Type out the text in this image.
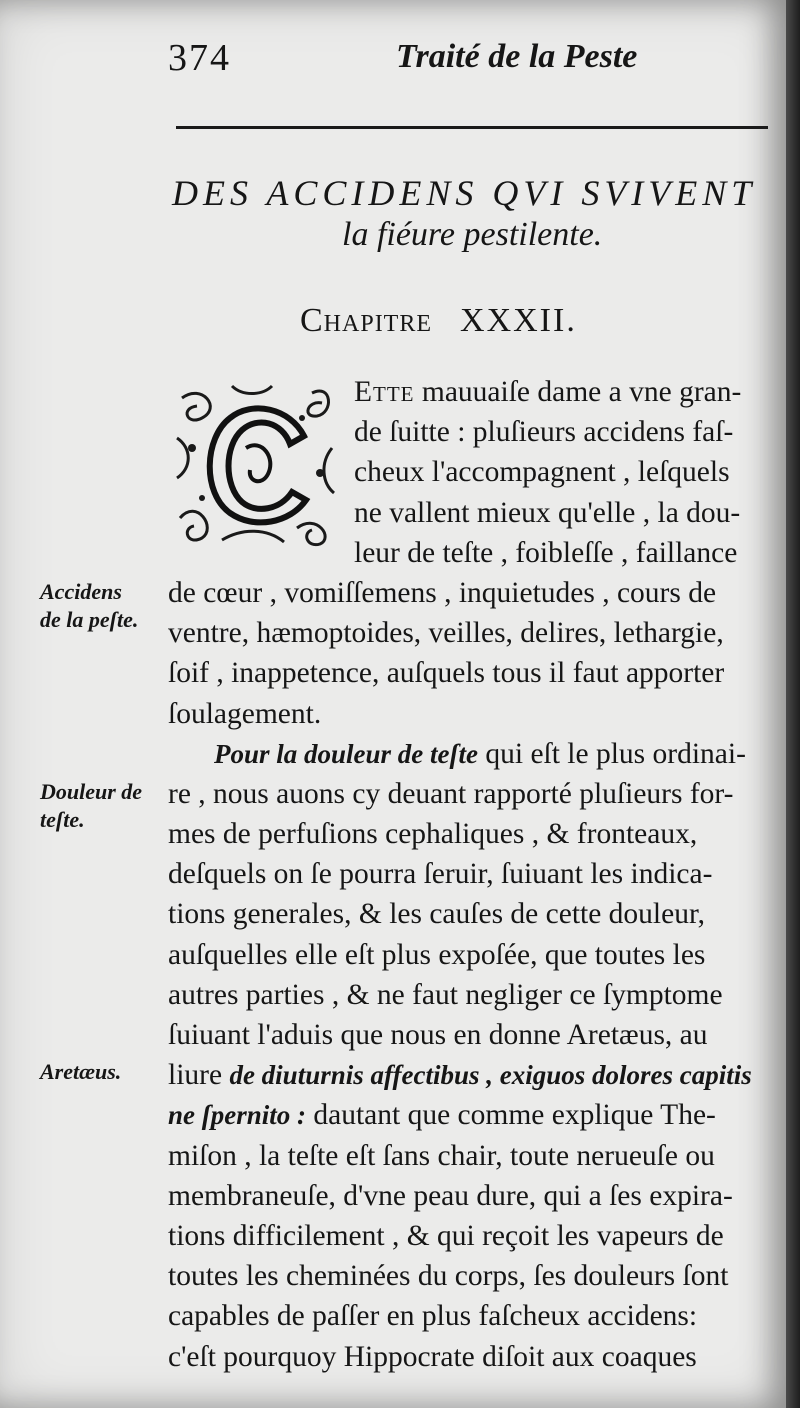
374	Traité de la Peste
DES ACCIDENS QVI SVIVENT
la fiéure pestilente.
Chapitre XXXII.
Ette mauuaiſe dame a vne gran-
de ſuitte : pluſieurs accidens faſ-
cheux l'accompagnent , leſquels
ne vallent mieux qu'elle , la dou-
leur de teſte , foibleſſe , faillance
de cœur , vomiſſemens , inquietudes , cours de
ventre, hæmoptoides, veilles, delires, lethargie,
ſoif , inappetence, auſquels tous il faut apporter
ſoulagement.
Pour la douleur de teſte qui eſt le plus ordinai-
re , nous auons cy deuant rapporté pluſieurs for-
mes de perfuſions cephaliques , & fronteaux,
deſquels on ſe pourra ſeruir, ſuiuant les indica-
tions generales, & les cauſes de cette douleur,
auſquelles elle eſt plus expoſée, que toutes les
autres parties , & ne faut negliger ce ſymptome
ſuiuant l'aduis que nous en donne Aretæus, au
liure de diuturnis affectibus , exiguos dolores capitis
ne ſpernito : dautant que comme explique The-
miſon , la teſte eſt ſans chair, toute nerueuſe ou
membraneuſe, d'vne peau dure, qui a ſes expira-
tions difficilement , & qui reçoit les vapeurs de
toutes les cheminées du corps, ſes douleurs ſont
capables de paſſer en plus faſcheux accidens:
c'eſt pourquoy Hippocrate diſoit aux coaques
Accidens
de la peſte.
Douleur de
teſte.
Aretæus.
